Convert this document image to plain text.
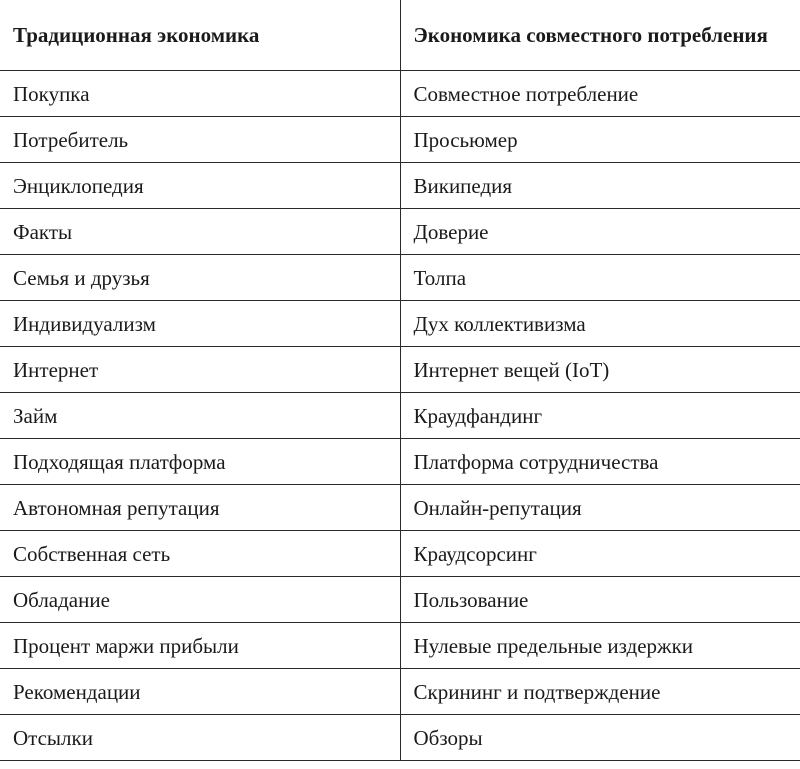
Традиционная экономика	Экономика совместного потребления
Покупка	Совместное потребление
Потребитель	Просьюмер
Энциклопедия	Википедия
Факты	Доверие
Семья и друзья	Толпа
Индивидуализм	Дух коллективизма
Интернет	Интернет вещей (IoT)
Займ	Краудфандинг
Подходящая платформа	Платформа сотрудничества
Автономная репутация	Онлайн-репутация
Собственная сеть	Краудсорсинг
Обладание	Пользование
Процент маржи прибыли	Нулевые предельные издержки
Рекомендации	Скрининг и подтверждение
Отсылки	Обзоры
